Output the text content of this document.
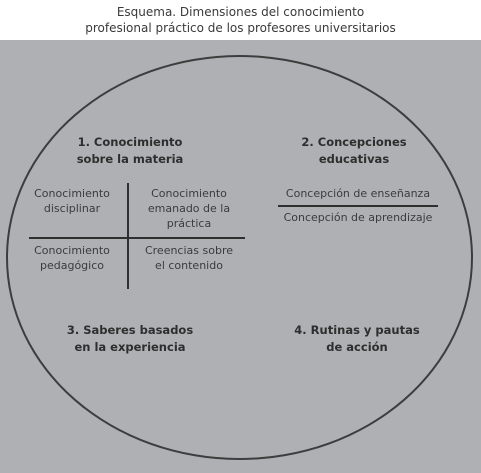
Esquema. Dimensiones del conocimiento
profesional práctico de los profesores universitarios
1. Conocimiento
sobre la materia
Conocimiento
disciplinar
Conocimiento
emanado de la
práctica
Conocimiento
pedagógico
Creencias sobre
el contenido
2. Concepciones
educativas
Concepción de enseñanza
Concepción de aprendizaje
3. Saberes basados
en la experiencia
4. Rutinas y pautas
de acción
